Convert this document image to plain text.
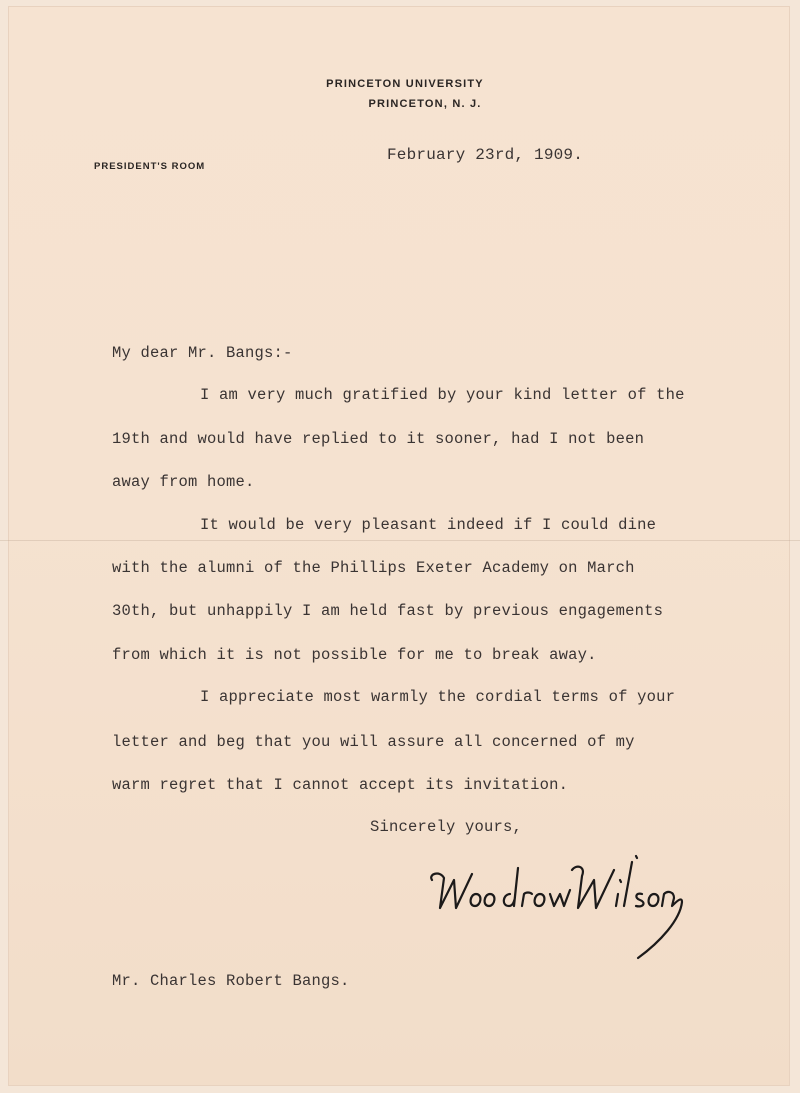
PRINCETON UNIVERSITY
PRINCETON, N. J.
PRESIDENT'S ROOM
February 23rd, 1909.
My dear Mr. Bangs:-
I am very much gratified by your kind letter of the
19th and would have replied to it sooner, had I not been
away from home.
It would be very pleasant indeed if I could dine
with the alumni of the Phillips Exeter Academy on March
30th, but unhappily I am held fast by previous engagements
from which it is not possible for me to break away.
I appreciate most warmly the cordial terms of your
letter and beg that you will assure all concerned of my
warm regret that I cannot accept its invitation.
Sincerely yours,
Mr. Charles Robert Bangs.
